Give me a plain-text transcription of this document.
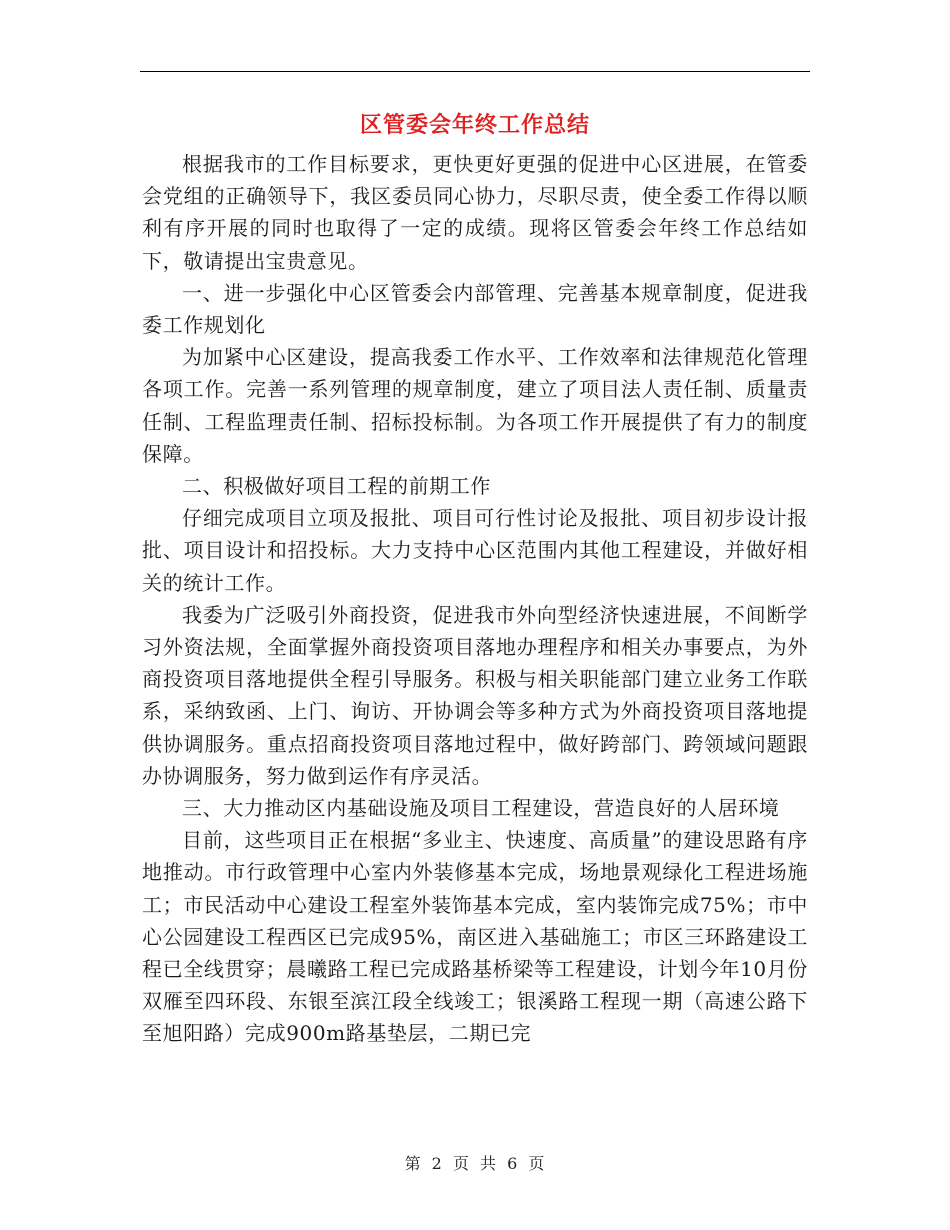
区管委会年终工作总结

根据我市的工作目标要求，更快更好更强的促进中心区进展，在管委会党组的正确领导下，我区委员同心协力，尽职尽责，使全委工作得以顺利有序开展的同时也取得了一定的成绩。现将区管委会年终工作总结如下，敬请提出宝贵意见。

一、进一步强化中心区管委会内部管理、完善基本规章制度，促进我委工作规划化

为加紧中心区建设，提高我委工作水平、工作效率和法律规范化管理各项工作。完善一系列管理的规章制度，建立了项目法人责任制、质量责任制、工程监理责任制、招标投标制。为各项工作开展提供了有力的制度保障。

二、积极做好项目工程的前期工作

仔细完成项目立项及报批、项目可行性讨论及报批、项目初步设计报批、项目设计和招投标。大力支持中心区范围内其他工程建设，并做好相关的统计工作。

我委为广泛吸引外商投资，促进我市外向型经济快速进展，不间断学习外资法规，全面掌握外商投资项目落地办理程序和相关办事要点，为外商投资项目落地提供全程引导服务。积极与相关职能部门建立业务工作联系，采纳致函、上门、询访、开协调会等多种方式为外商投资项目落地提供协调服务。重点招商投资项目落地过程中，做好跨部门、跨领域问题跟办协调服务，努力做到运作有序灵活。

三、大力推动区内基础设施及项目工程建设，营造良好的人居环境

目前，这些项目正在根据“多业主、快速度、高质量”的建设思路有序地推动。市行政管理中心室内外装修基本完成，场地景观绿化工程进场施工；市民活动中心建设工程室外装饰基本完成，室内装饰完成75%；市中心公园建设工程西区已完成95%，南区进入基础施工；市区三环路建设工程已全线贯穿；晨曦路工程已完成路基桥梁等工程建设，计划今年10月份双雁至四环段、东银至滨江段全线竣工；银溪路工程现一期（高速公路下至旭阳路）完成900m路基垫层，二期已完

第 2 页 共 6 页
